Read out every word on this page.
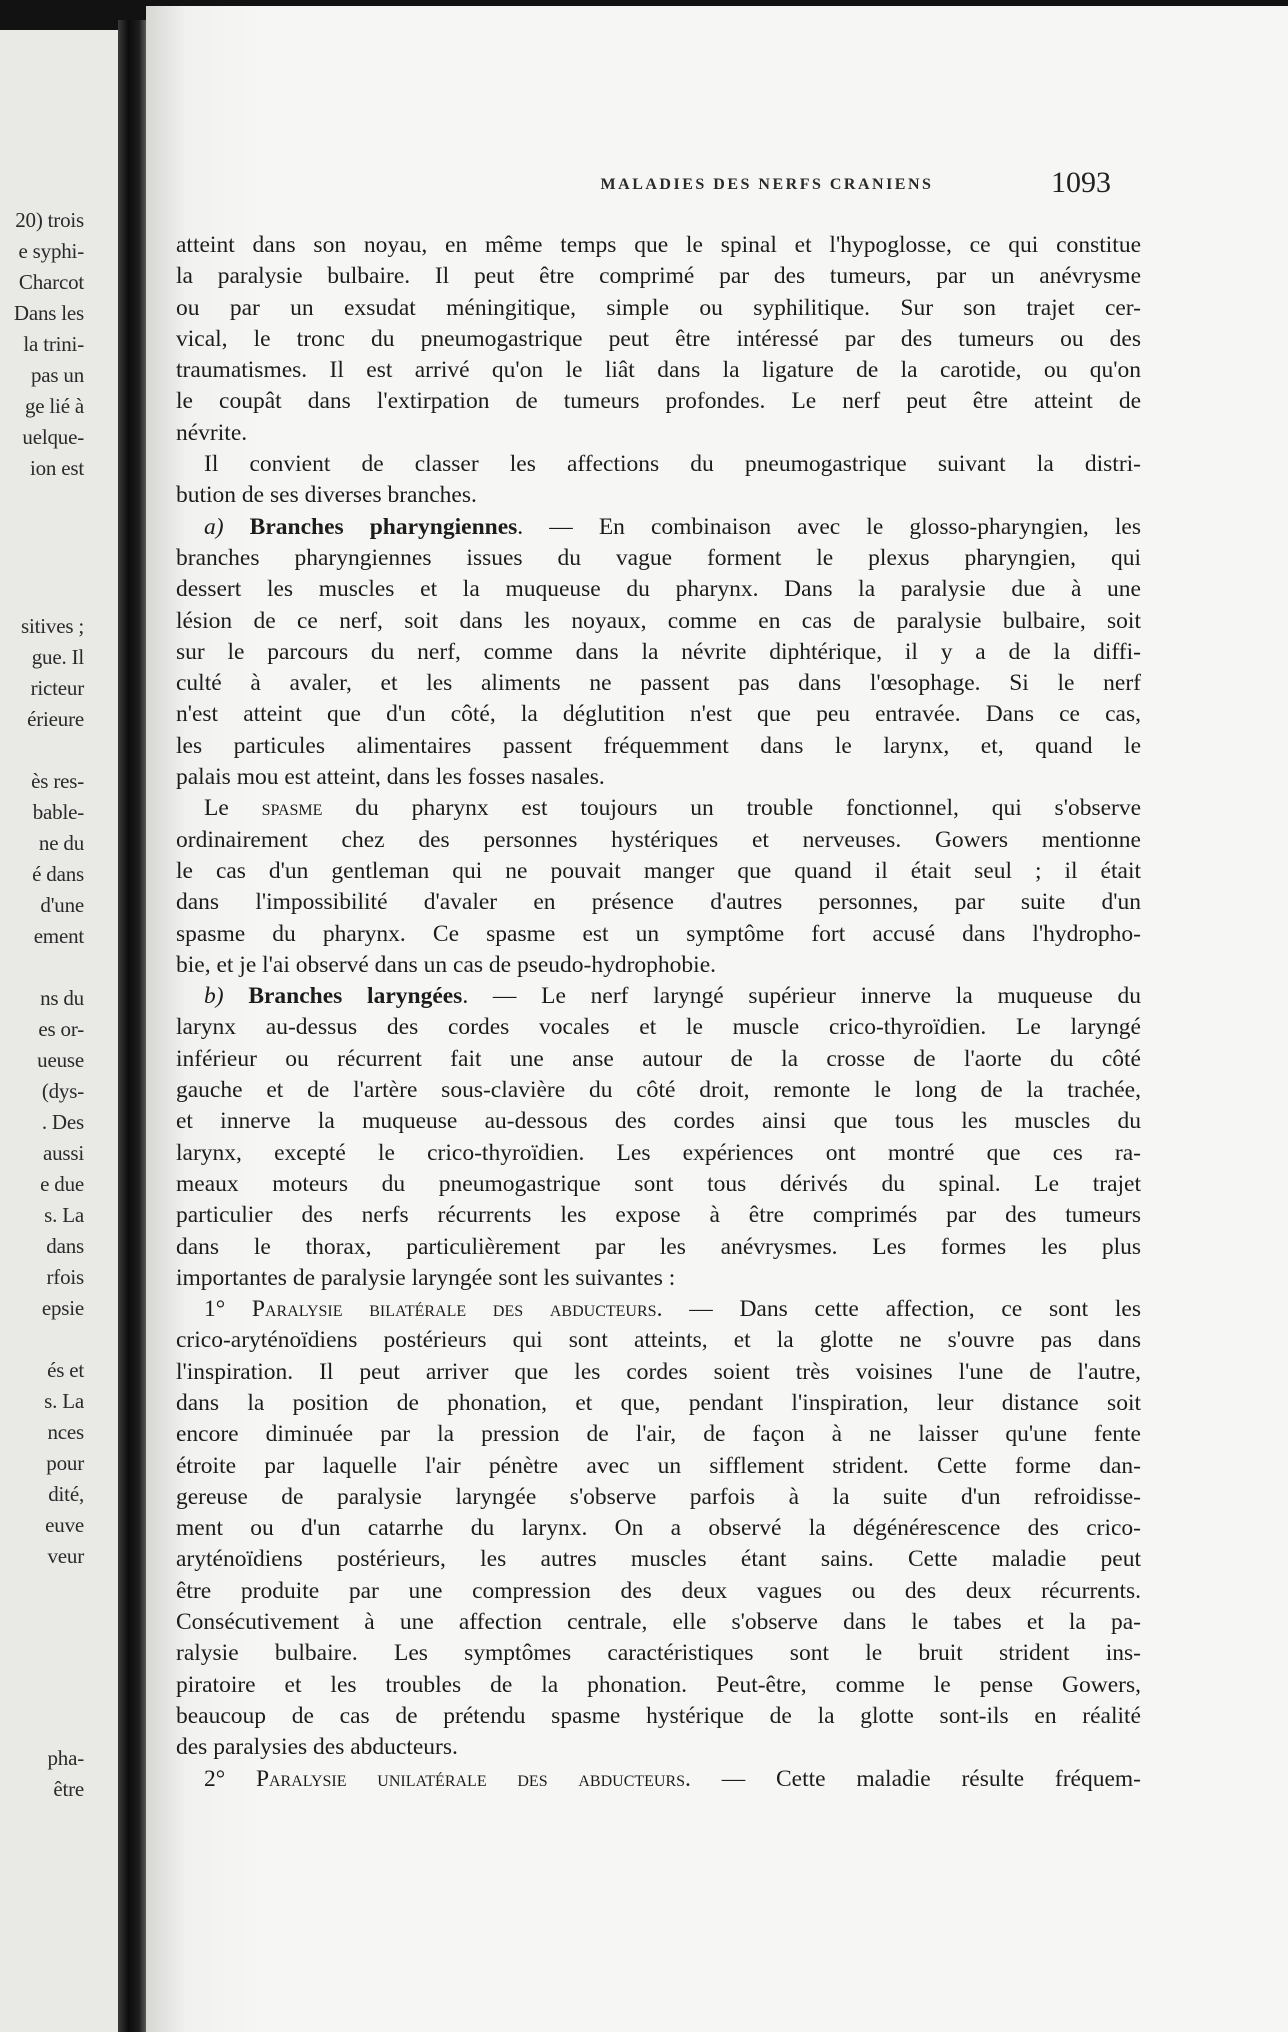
20) trois
e syphi-
Charcot
Dans les
la trini-
pas un
ge lié à
uelque-
ion est
sitives ;
gue. Il
ricteur
érieure
ès res-
bable-
ne du
é dans
d'une
ement
ns du
es or-
ueuse
(dys-
. Des
aussi
e due
s. La
dans
rfois
epsie
és et
s. La
nces
pour
dité,
euve
veur
pha-
être
MALADIES DES NERFS CRANIENS	1093
atteint dans son noyau, en même temps que le spinal et l'hypoglosse, ce qui constitue
la paralysie bulbaire. Il peut être comprimé par des tumeurs, par un anévrysme
ou par un exsudat méningitique, simple ou syphilitique. Sur son trajet cer-
vical, le tronc du pneumogastrique peut être intéressé par des tumeurs ou des
traumatismes. Il est arrivé qu'on le liât dans la ligature de la carotide, ou qu'on
le coupât dans l'extirpation de tumeurs profondes. Le nerf peut être atteint de
névrite.
Il convient de classer les affections du pneumogastrique suivant la distri-
bution de ses diverses branches.
a) Branches pharyngiennes. — En combinaison avec le glosso-pharyngien, les
branches pharyngiennes issues du vague forment le plexus pharyngien, qui
dessert les muscles et la muqueuse du pharynx. Dans la paralysie due à une
lésion de ce nerf, soit dans les noyaux, comme en cas de paralysie bulbaire, soit
sur le parcours du nerf, comme dans la névrite diphtérique, il y a de la diffi-
culté à avaler, et les aliments ne passent pas dans l'œsophage. Si le nerf
n'est atteint que d'un côté, la déglutition n'est que peu entravée. Dans ce cas,
les particules alimentaires passent fréquemment dans le larynx, et, quand le
palais mou est atteint, dans les fosses nasales.
Le spasme du pharynx est toujours un trouble fonctionnel, qui s'observe
ordinairement chez des personnes hystériques et nerveuses. Gowers mentionne
le cas d'un gentleman qui ne pouvait manger que quand il était seul ; il était
dans l'impossibilité d'avaler en présence d'autres personnes, par suite d'un
spasme du pharynx. Ce spasme est un symptôme fort accusé dans l'hydropho-
bie, et je l'ai observé dans un cas de pseudo-hydrophobie.
b) Branches laryngées. — Le nerf laryngé supérieur innerve la muqueuse du
larynx au-dessus des cordes vocales et le muscle crico-thyroïdien. Le laryngé
inférieur ou récurrent fait une anse autour de la crosse de l'aorte du côté
gauche et de l'artère sous-clavière du côté droit, remonte le long de la trachée,
et innerve la muqueuse au-dessous des cordes ainsi que tous les muscles du
larynx, excepté le crico-thyroïdien. Les expériences ont montré que ces ra-
meaux moteurs du pneumogastrique sont tous dérivés du spinal. Le trajet
particulier des nerfs récurrents les expose à être comprimés par des tumeurs
dans le thorax, particulièrement par les anévrysmes. Les formes les plus
importantes de paralysie laryngée sont les suivantes :
1° Paralysie bilatérale des abducteurs. — Dans cette affection, ce sont les
crico-aryténoïdiens postérieurs qui sont atteints, et la glotte ne s'ouvre pas dans
l'inspiration. Il peut arriver que les cordes soient très voisines l'une de l'autre,
dans la position de phonation, et que, pendant l'inspiration, leur distance soit
encore diminuée par la pression de l'air, de façon à ne laisser qu'une fente
étroite par laquelle l'air pénètre avec un sifflement strident. Cette forme dan-
gereuse de paralysie laryngée s'observe parfois à la suite d'un refroidisse-
ment ou d'un catarrhe du larynx. On a observé la dégénérescence des crico-
aryténoïdiens postérieurs, les autres muscles étant sains. Cette maladie peut
être produite par une compression des deux vagues ou des deux récurrents.
Consécutivement à une affection centrale, elle s'observe dans le tabes et la pa-
ralysie bulbaire. Les symptômes caractéristiques sont le bruit strident ins-
piratoire et les troubles de la phonation. Peut-être, comme le pense Gowers,
beaucoup de cas de prétendu spasme hystérique de la glotte sont-ils en réalité
des paralysies des abducteurs.
2° Paralysie unilatérale des abducteurs. — Cette maladie résulte fréquem-
